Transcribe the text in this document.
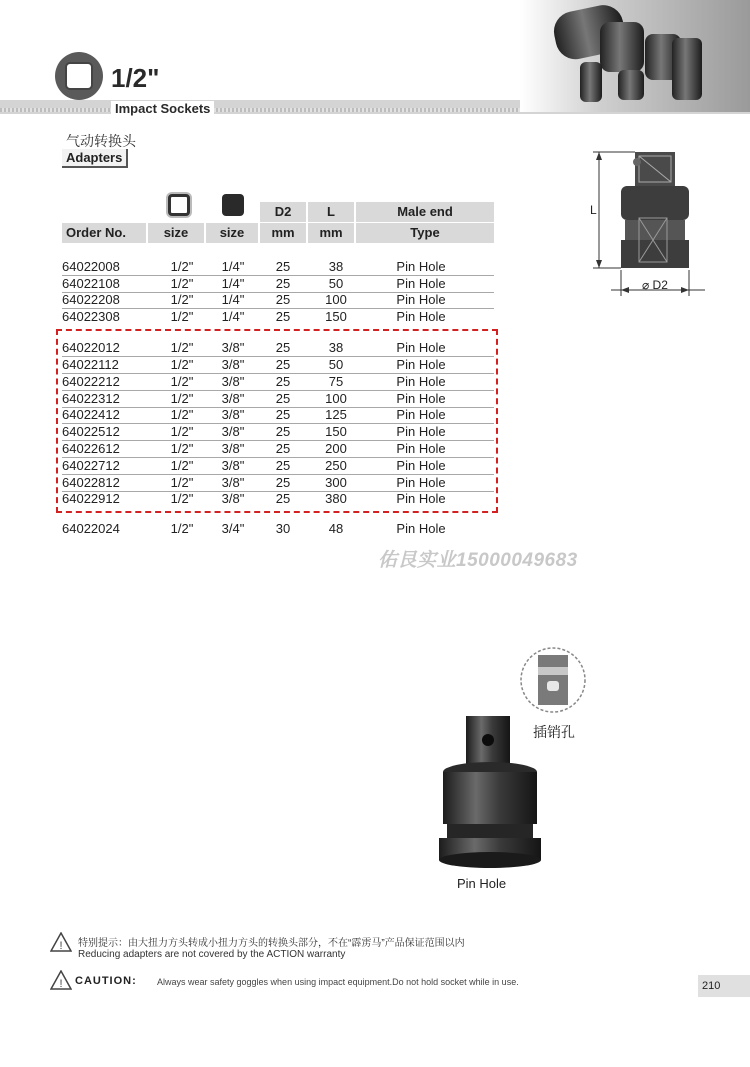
1/2"
Impact Sockets
气动转换头
Adapters
D2	L	Male end
Order No.	size	size	mm	mm	Type
64022008	1/2"	1/4"	25	38	Pin Hole
64022108	1/2"	1/4"	25	50	Pin Hole
64022208	1/2"	1/4"	25	100	Pin Hole
64022308	1/2"	1/4"	25	150	Pin Hole
64022012	1/2"	3/8"	25	38	Pin Hole
64022112	1/2"	3/8"	25	50	Pin Hole
64022212	1/2"	3/8"	25	75	Pin Hole
64022312	1/2"	3/8"	25	100	Pin Hole
64022412	1/2"	3/8"	25	125	Pin Hole
64022512	1/2"	3/8"	25	150	Pin Hole
64022612	1/2"	3/8"	25	200	Pin Hole
64022712	1/2"	3/8"	25	250	Pin Hole
64022812	1/2"	3/8"	25	300	Pin Hole
64022912	1/2"	3/8"	25	380	Pin Hole
64022024	1/2"	3/4"	30	48	Pin Hole
L
⌀ D2
佑艮实业15000049683
插销孔
Pin Hole
! 特别提示：由大扭力方头转成小扭力方头的转换头部分，不在“霹雳马”产品保证范围以内
Reducing adapters are not covered by the ACTION warranty
! CAUTION: Always wear safety goggles when using impact equipment.Do not hold socket while in use.	210
